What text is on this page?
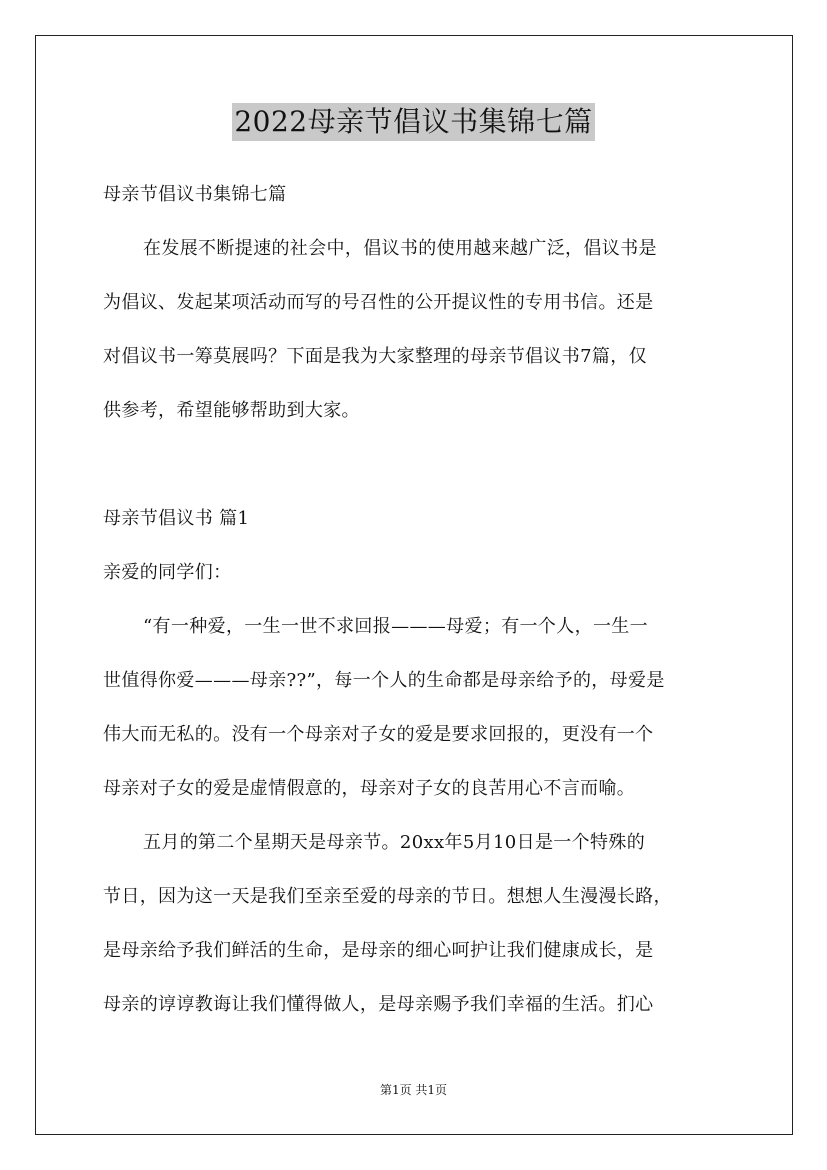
2022母亲节倡议书集锦七篇
母亲节倡议书集锦七篇
在发展不断提速的社会中，倡议书的使用越来越广泛，倡议书是
为倡议、发起某项活动而写的号召性的公开提议性的专用书信。还是
对倡议书一筹莫展吗？下面是我为大家整理的母亲节倡议书7篇，仅
供参考，希望能够帮助到大家。
母亲节倡议书 篇1
亲爱的同学们：
“有一种爱，一生一世不求回报———母爱；有一个人，一生一
世值得你爱———母亲??”，每一个人的生命都是母亲给予的，母爱是
伟大而无私的。没有一个母亲对子女的爱是要求回报的，更没有一个
母亲对子女的爱是虚情假意的，母亲对子女的良苦用心不言而喻。
五月的第二个星期天是母亲节。20xx年5月10日是一个特殊的
节日，因为这一天是我们至亲至爱的母亲的节日。想想人生漫漫长路，
是母亲给予我们鲜活的生命，是母亲的细心呵护让我们健康成长，是
母亲的谆谆教诲让我们懂得做人，是母亲赐予我们幸福的生活。扪心
第1页 共1页
